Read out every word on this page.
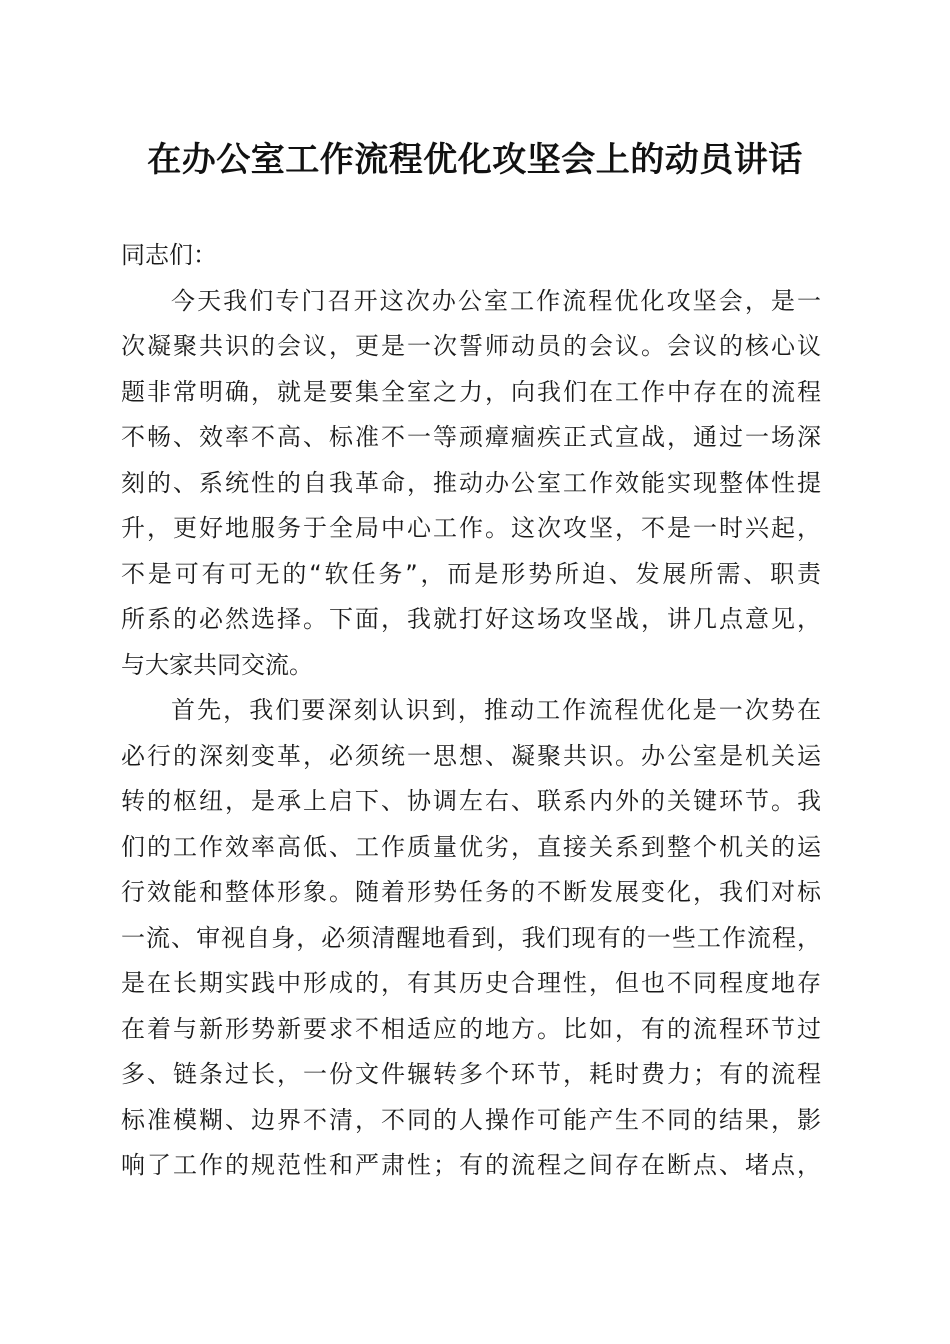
在办公室工作流程优化攻坚会上的动员讲话

同志们：

今天我们专门召开这次办公室工作流程优化攻坚会，是一
次凝聚共识的会议，更是一次誓师动员的会议。会议的核心议
题非常明确，就是要集全室之力，向我们在工作中存在的流程
不畅、效率不高、标准不一等顽瘴痼疾正式宣战，通过一场深
刻的、系统性的自我革命，推动办公室工作效能实现整体性提
升，更好地服务于全局中心工作。这次攻坚，不是一时兴起，
不是可有可无的“软任务”，而是形势所迫、发展所需、职责
所系的必然选择。下面，我就打好这场攻坚战，讲几点意见，
与大家共同交流。

首先，我们要深刻认识到，推动工作流程优化是一次势在
必行的深刻变革，必须统一思想、凝聚共识。办公室是机关运
转的枢纽，是承上启下、协调左右、联系内外的关键环节。我
们的工作效率高低、工作质量优劣，直接关系到整个机关的运
行效能和整体形象。随着形势任务的不断发展变化，我们对标
一流、审视自身，必须清醒地看到，我们现有的一些工作流程，
是在长期实践中形成的，有其历史合理性，但也不同程度地存
在着与新形势新要求不相适应的地方。比如，有的流程环节过
多、链条过长，一份文件辗转多个环节，耗时费力；有的流程
标准模糊、边界不清，不同的人操作可能产生不同的结果，影
响了工作的规范性和严肃性；有的流程之间存在断点、堵点，
